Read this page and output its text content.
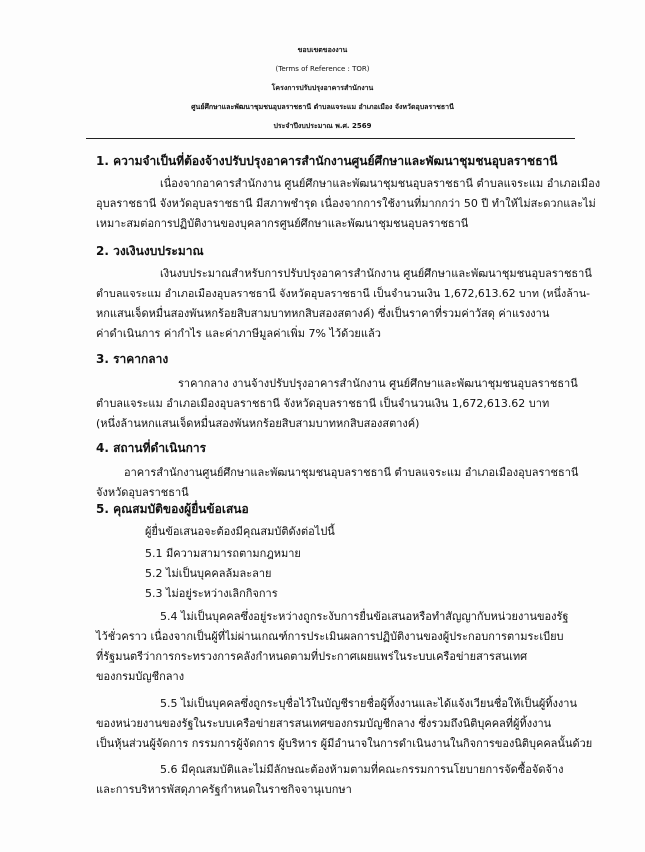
ขอบเขตของงาน
(Terms of Reference : TOR)
โครงการปรับปรุงอาคารสำนักงาน
ศูนย์ศึกษาและพัฒนาชุมชนอุบลราชธานี ตำบลแจระแม อำเภอเมือง จังหวัดอุบลราชธานี
ประจำปีงบประมาณ พ.ศ. 2569
1. ความจำเป็นที่ต้องจ้างปรับปรุงอาคารสำนักงานศูนย์ศึกษาและพัฒนาชุมชนอุบลราชธานี
เนื่องจากอาคารสำนักงาน ศูนย์ศึกษาและพัฒนาชุมชนอุบลราชธานี ตำบลแจระแม อำเภอเมือง
อุบลราชธานี จังหวัดอุบลราชธานี มีสภาพชำรุด เนื่องจากการใช้งานที่มากกว่า 50 ปี ทำให้ไม่สะดวกและไม่
เหมาะสมต่อการปฏิบัติงานของบุคลากรศูนย์ศึกษาและพัฒนาชุมชนอุบลราชธานี
2. วงเงินงบประมาณ
เงินงบประมาณสำหรับการปรับปรุงอาคารสำนักงาน ศูนย์ศึกษาและพัฒนาชุมชนอุบลราชธานี
ตำบลแจระแม อำเภอเมืองอุบลราชธานี จังหวัดอุบลราชธานี เป็นจำนวนเงิน 1,672,613.62 บาท (หนึ่งล้าน-
หกแสนเจ็ดหมื่นสองพันหกร้อยสิบสามบาทหกสิบสองสตางค์) ซึ่งเป็นราคาที่รวมค่าวัสดุ ค่าแรงงาน
ค่าดำเนินการ ค่ากำไร และค่าภาษีมูลค่าเพิ่ม 7% ไว้ด้วยแล้ว
3. ราคากลาง
ราคากลาง งานจ้างปรับปรุงอาคารสำนักงาน ศูนย์ศึกษาและพัฒนาชุมชนอุบลราชธานี
ตำบลแจระแม อำเภอเมืองอุบลราชธานี จังหวัดอุบลราชธานี เป็นจำนวนเงิน 1,672,613.62 บาท
(หนึ่งล้านหกแสนเจ็ดหมื่นสองพันหกร้อยสิบสามบาทหกสิบสองสตางค์)
4. สถานที่ดำเนินการ
อาคารสำนักงานศูนย์ศึกษาและพัฒนาชุมชนอุบลราชธานี ตำบลแจระแม อำเภอเมืองอุบลราชธานี
จังหวัดอุบลราชธานี
5. คุณสมบัติของผู้ยื่นข้อเสนอ
ผู้ยื่นข้อเสนอจะต้องมีคุณสมบัติดังต่อไปนี้
5.1 มีความสามารถตามกฎหมาย
5.2 ไม่เป็นบุคคลล้มละลาย
5.3 ไม่อยู่ระหว่างเลิกกิจการ
5.4 ไม่เป็นบุคคลซึ่งอยู่ระหว่างถูกระงับการยื่นข้อเสนอหรือทำสัญญากับหน่วยงานของรัฐ
ไว้ชั่วคราว เนื่องจากเป็นผู้ที่ไม่ผ่านเกณฑ์การประเมินผลการปฏิบัติงานของผู้ประกอบการตามระเบียบ
ที่รัฐมนตรีว่าการกระทรวงการคลังกำหนดตามที่ประกาศเผยแพร่ในระบบเครือข่ายสารสนเทศ
ของกรมบัญชีกลาง
5.5 ไม่เป็นบุคคลซึ่งถูกระบุชื่อไว้ในบัญชีรายชื่อผู้ทิ้งงานและได้แจ้งเวียนชื่อให้เป็นผู้ทิ้งงาน
ของหน่วยงานของรัฐในระบบเครือข่ายสารสนเทศของกรมบัญชีกลาง ซึ่งรวมถึงนิติบุคคลที่ผู้ทิ้งงาน
เป็นหุ้นส่วนผู้จัดการ กรรมการผู้จัดการ ผู้บริหาร ผู้มีอำนาจในการดำเนินงานในกิจการของนิติบุคคลนั้นด้วย
5.6 มีคุณสมบัติและไม่มีลักษณะต้องห้ามตามที่คณะกรรมการนโยบายการจัดซื้อจัดจ้าง
และการบริหารพัสดุภาครัฐกำหนดในราชกิจจานุเบกษา
